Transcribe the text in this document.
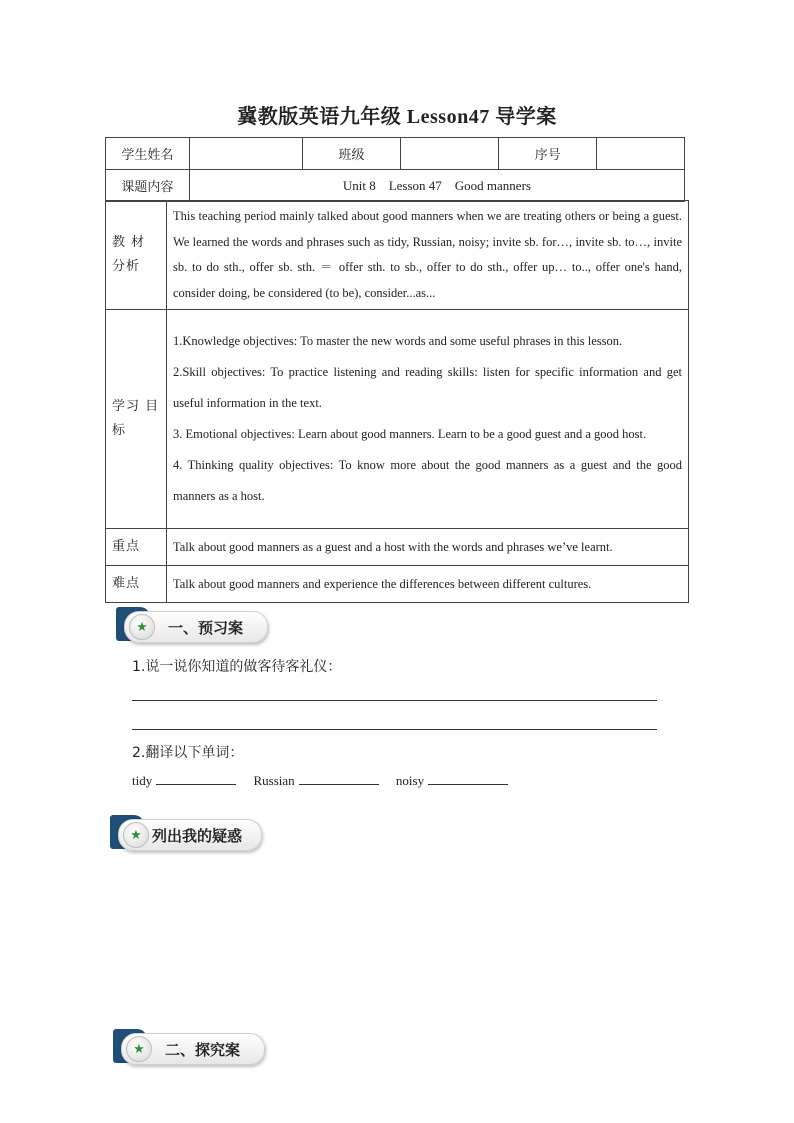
冀教版英语九年级 Lesson47 导学案
学生姓名		班级		序号	
课题内容	Unit 8    Lesson 47    Good manners				
教 材 分析	This teaching period mainly talked about good manners when we are treating others or being a guest. We learned the words and phrases such as tidy, Russian, noisy; invite sb. for…, invite sb. to…, invite sb. to do sth., offer sb. sth. ＝ offer sth. to sb., offer to do sth., offer up… to.., offer one's hand, consider doing, be considered (to be), consider...as...
学习 目标	1.Knowledge objectives: To master the new words and some useful phrases in this lesson.

2.Skill objectives: To practice listening and reading skills: listen for specific information and get useful information in the text.

3. Emotional objectives: Learn about good manners. Learn to be a good guest and a good host.

4. Thinking quality objectives: To know more about the good manners as a guest and the good manners as a host.

重点	Talk about good manners as a guest and a host with the words and phrases we’ve learnt.
难点	Talk about good manners and experience the differences between different cultures.
★	一、预习案
1.说一说你知道的做客待客礼仪：
2.翻译以下单词：
tidy	Russian	noisy
★ 列出我的疑惑
★	二、探究案
